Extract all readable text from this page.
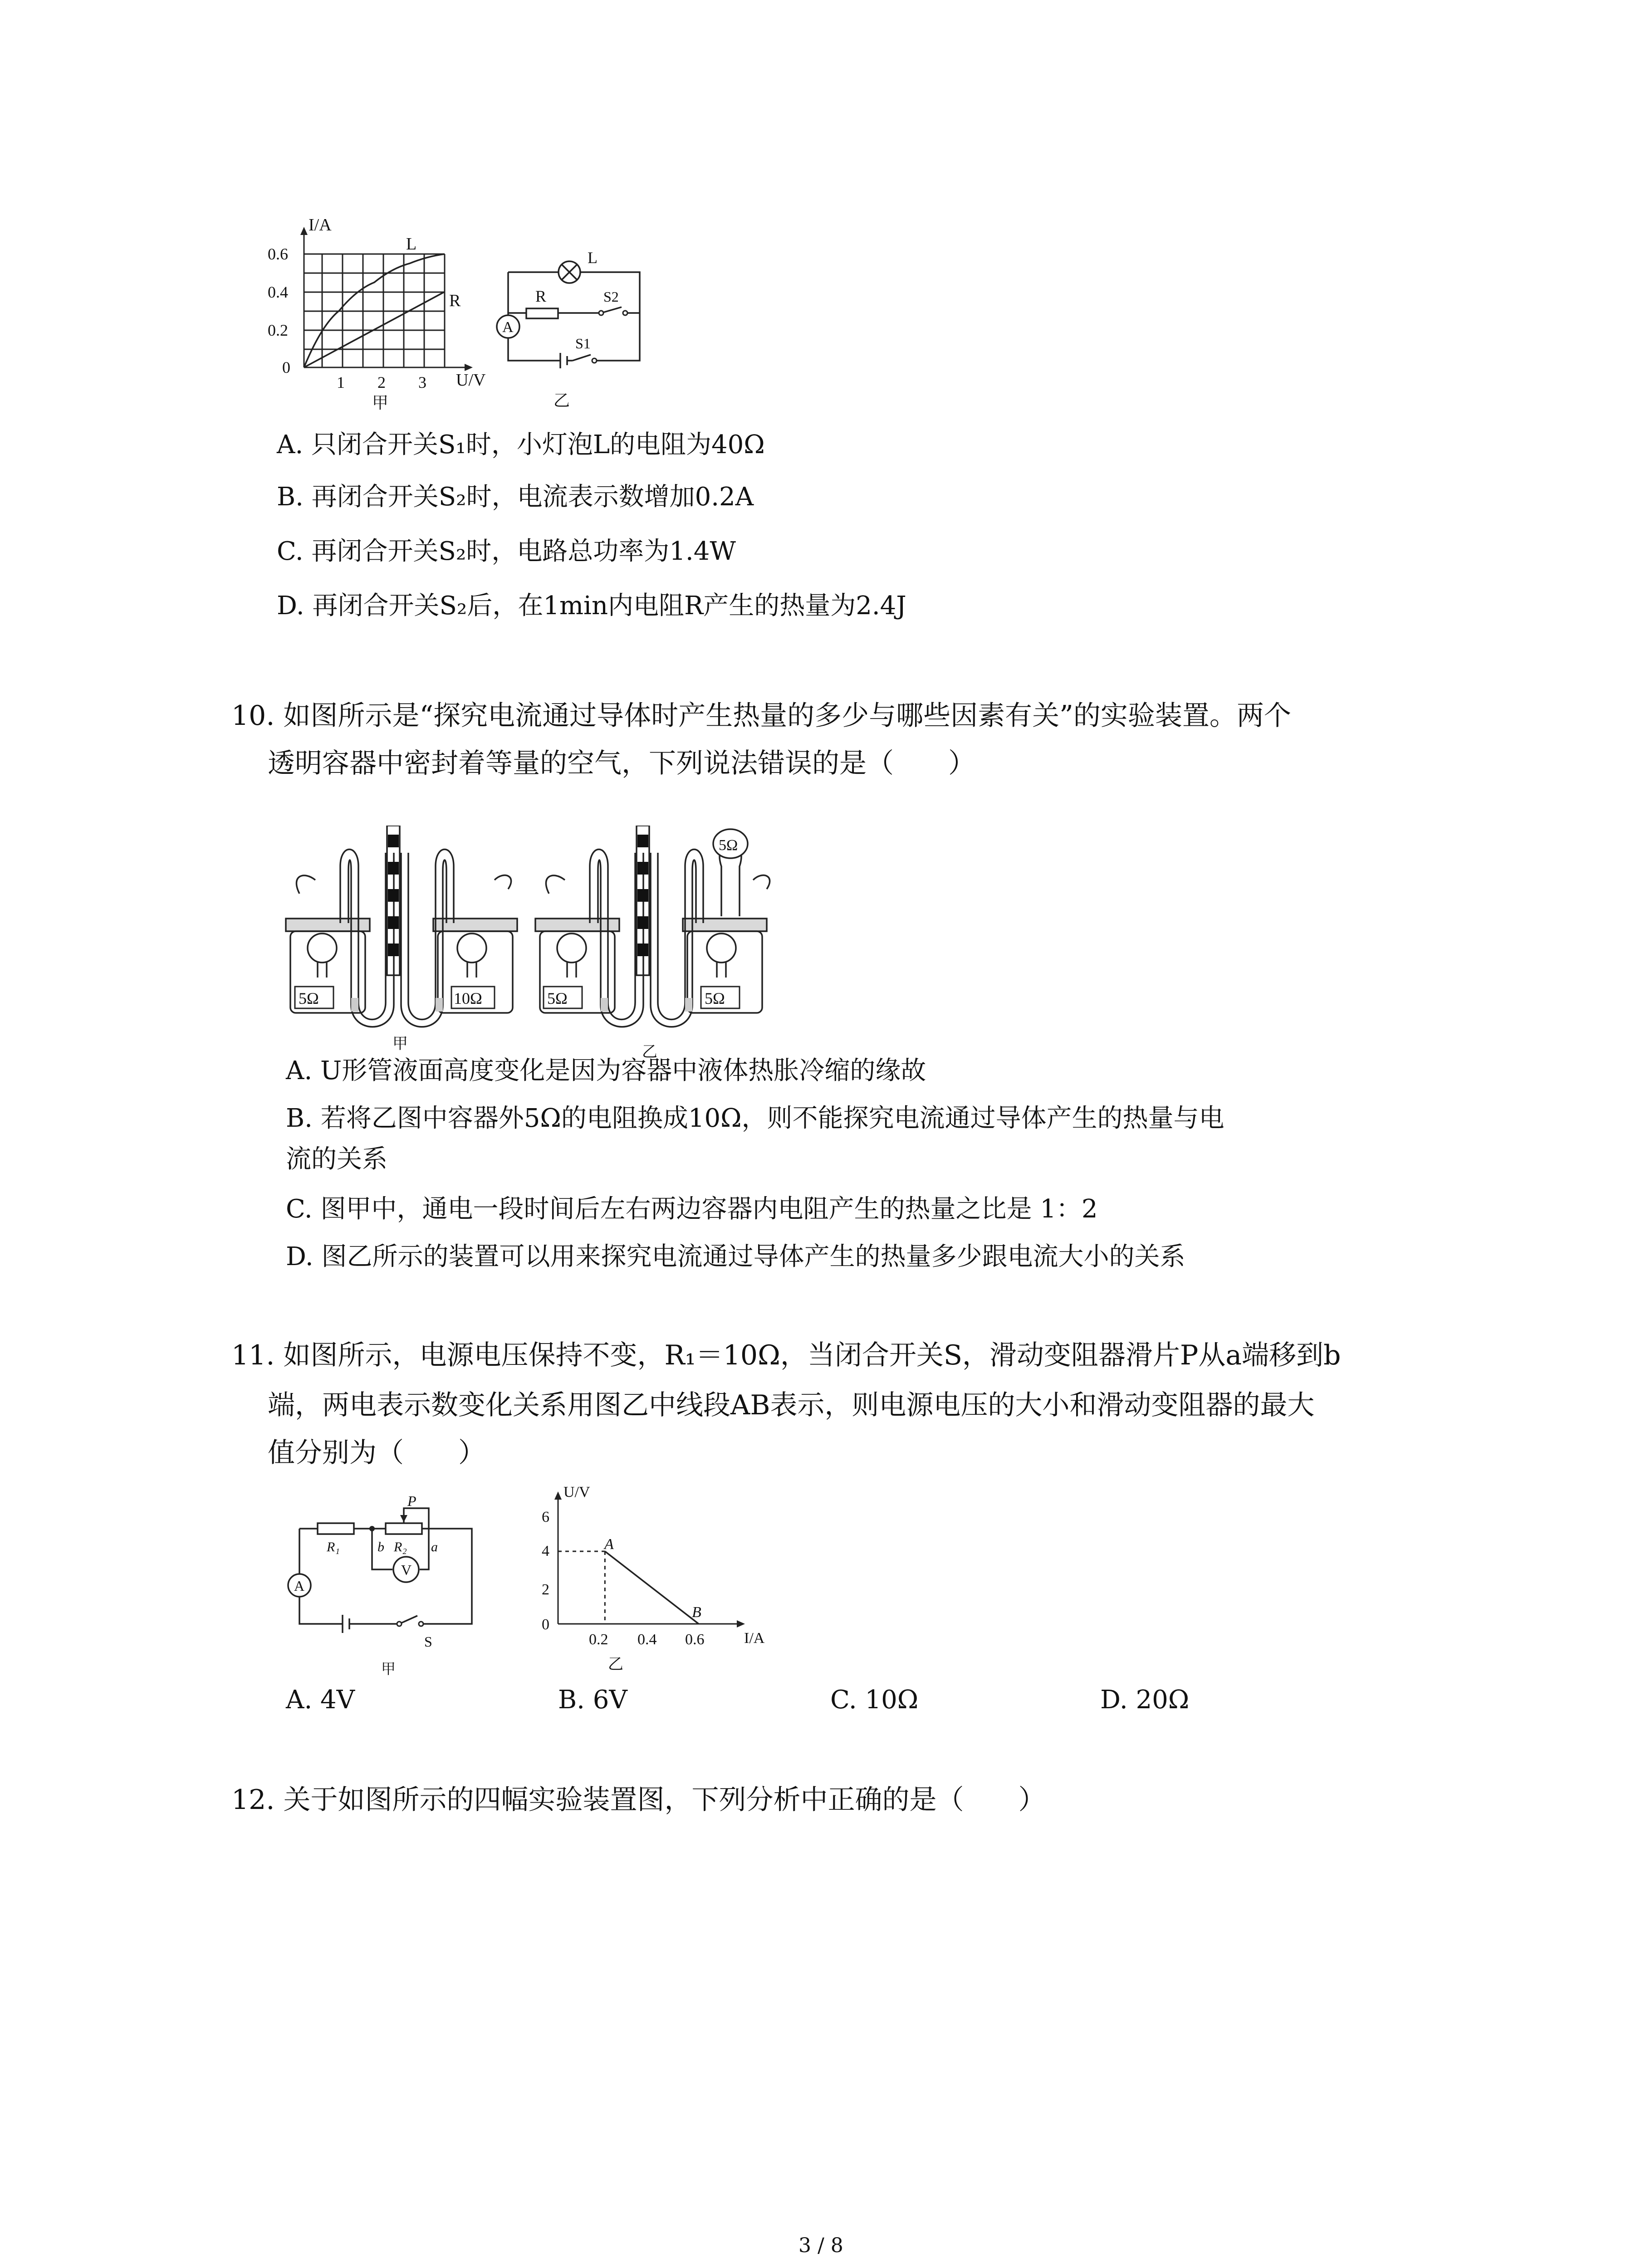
I/A
U/V
0.6
0.4
0.2
0
1 2 3
L
R
甲
L
R	S2
S1
A
乙
A. 只闭合开关S₁时，小灯泡L的电阻为40Ω
B. 再闭合开关S₂时，电流表示数增加0.2A
C. 再闭合开关S₂时，电路总功率为1.4W
D. 再闭合开关S₂后，在1min内电阻R产生的热量为2.4J
10. 如图所示是“探究电流通过导体时产生热量的多少与哪些因素有关”的实验装置。两个
透明容器中密封着等量的空气，下列说法错误的是（　　）
5Ω	10Ω
甲
5Ω	5Ω
5Ω
乙
A. U形管液面高度变化是因为容器中液体热胀冷缩的缘故
B. 若将乙图中容器外5Ω的电阻换成10Ω，则不能探究电流通过导体产生的热量与电
流的关系
C. 图甲中，通电一段时间后左右两边容器内电阻产生的热量之比是 1：2
D. 图乙所示的装置可以用来探究电流通过导体产生的热量多少跟电流大小的关系
11. 如图所示，电源电压保持不变，R₁＝10Ω，当闭合开关S，滑动变阻器滑片P从a端移到b
端，两电表示数变化关系用图乙中线段AB表示，则电源电压的大小和滑动变阻器的最大
值分别为（　　）
R₁	R₂
P
a
b
V
A
S
甲
U/V
I/A
6
4
2
0
0.2 0.4 0.6
A
B
乙
A. 4V	B. 6V	C. 10Ω	D. 20Ω
12. 关于如图所示的四幅实验装置图，下列分析中正确的是（　　）
3 / 8
